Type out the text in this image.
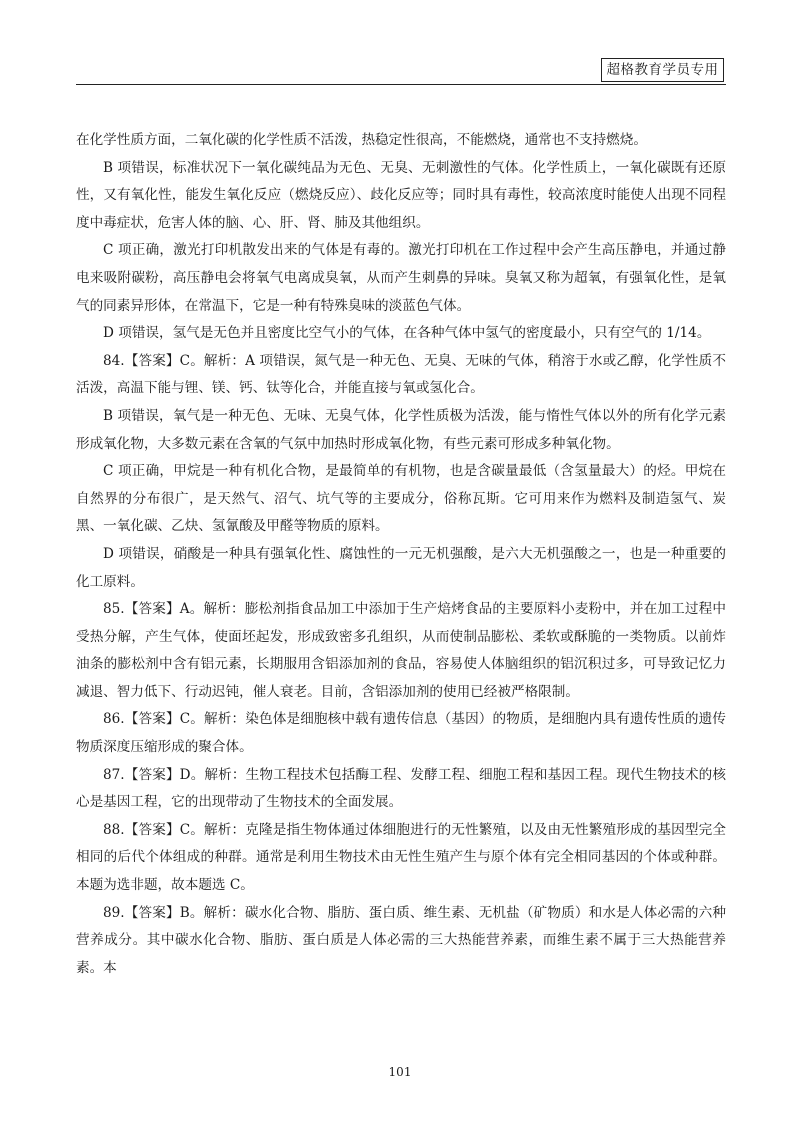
超格教育学员专用

在化学性质方面，二氧化碳的化学性质不活泼，热稳定性很高，不能燃烧，通常也不支持燃烧。

B 项错误，标准状况下一氧化碳纯品为无色、无臭、无刺激性的气体。化学性质上，一氧化碳既有还原性，又有氧化性，能发生氧化反应（燃烧反应）、歧化反应等；同时具有毒性，较高浓度时能使人出现不同程度中毒症状，危害人体的脑、心、肝、肾、肺及其他组织。

C 项正确，激光打印机散发出来的气体是有毒的。激光打印机在工作过程中会产生高压静电，并通过静电来吸附碳粉，高压静电会将氧气电离成臭氧，从而产生刺鼻的异味。臭氧又称为超氧，有强氧化性，是氧气的同素异形体，在常温下，它是一种有特殊臭味的淡蓝色气体。

D 项错误，氢气是无色并且密度比空气小的气体，在各种气体中氢气的密度最小，只有空气的 1/14。

84.【答案】C。解析：A 项错误，氮气是一种无色、无臭、无味的气体，稍溶于水或乙醇，化学性质不活泼，高温下能与锂、镁、钙、钛等化合，并能直接与氧或氢化合。

B 项错误，氧气是一种无色、无味、无臭气体，化学性质极为活泼，能与惰性气体以外的所有化学元素形成氧化物，大多数元素在含氧的气氛中加热时形成氧化物，有些元素可形成多种氧化物。

C 项正确，甲烷是一种有机化合物，是最简单的有机物，也是含碳量最低（含氢量最大）的烃。甲烷在自然界的分布很广，是天然气、沼气、坑气等的主要成分，俗称瓦斯。它可用来作为燃料及制造氢气、炭黑、一氧化碳、乙炔、氢氰酸及甲醛等物质的原料。

D 项错误，硝酸是一种具有强氧化性、腐蚀性的一元无机强酸，是六大无机强酸之一，也是一种重要的化工原料。

85.【答案】A。解析：膨松剂指食品加工中添加于生产焙烤食品的主要原料小麦粉中，并在加工过程中受热分解，产生气体，使面坯起发，形成致密多孔组织，从而使制品膨松、柔软或酥脆的一类物质。以前炸油条的膨松剂中含有铝元素，长期服用含铝添加剂的食品，容易使人体脑组织的铝沉积过多，可导致记忆力减退、智力低下、行动迟钝，催人衰老。目前，含铝添加剂的使用已经被严格限制。

86.【答案】C。解析：染色体是细胞核中载有遗传信息（基因）的物质，是细胞内具有遗传性质的遗传物质深度压缩形成的聚合体。

87.【答案】D。解析：生物工程技术包括酶工程、发酵工程、细胞工程和基因工程。现代生物技术的核心是基因工程，它的出现带动了生物技术的全面发展。

88.【答案】C。解析：克隆是指生物体通过体细胞进行的无性繁殖，以及由无性繁殖形成的基因型完全相同的后代个体组成的种群。通常是利用生物技术由无性生殖产生与原个体有完全相同基因的个体或种群。本题为选非题，故本题选 C。

89.【答案】B。解析：碳水化合物、脂肪、蛋白质、维生素、无机盐（矿物质）和水是人体必需的六种营养成分。其中碳水化合物、脂肪、蛋白质是人体必需的三大热能营养素，而维生素不属于三大热能营养素。本

101
